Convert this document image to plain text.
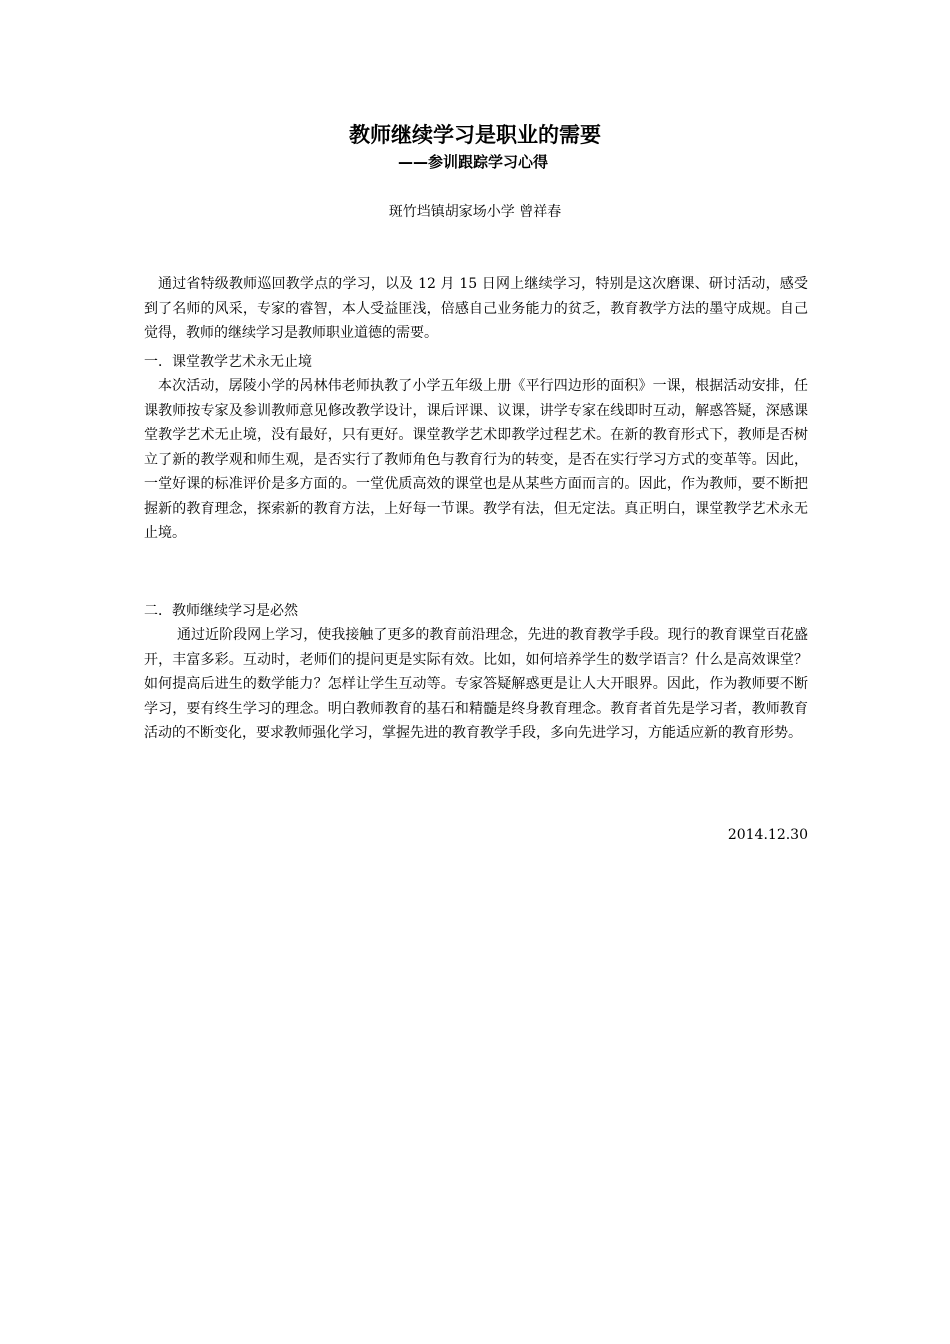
教师继续学习是职业的需要
——参训跟踪学习心得
斑竹垱镇胡家场小学 曾祥春

通过省特级教师巡回教学点的学习，以及 12 月 15 日网上继续学习，特别是这次磨课、研讨活动，感受到了名师的风采，专家的睿智，本人受益匪浅，倍感自己业务能力的贫乏，教育教学方法的墨守成规。自己觉得，教师的继续学习是教师职业道德的需要。

一．课堂教学艺术永无止境

本次活动，孱陵小学的呙林伟老师执教了小学五年级上册《平行四边形的面积》一课，根据活动安排，任课教师按专家及参训教师意见修改教学设计，课后评课、议课，讲学专家在线即时互动，解惑答疑，深感课堂教学艺术无止境，没有最好，只有更好。课堂教学艺术即教学过程艺术。在新的教育形式下，教师是否树立了新的教学观和师生观，是否实行了教师角色与教育行为的转变，是否在实行学习方式的变革等。因此，一堂好课的标准评价是多方面的。一堂优质高效的课堂也是从某些方面而言的。因此，作为教师，要不断把握新的教育理念，探索新的教育方法，上好每一节课。教学有法，但无定法。真正明白，课堂教学艺术永无止境。

二．教师继续学习是必然

通过近阶段网上学习，使我接触了更多的教育前沿理念，先进的教育教学手段。现行的教育课堂百花盛开，丰富多彩。互动时，老师们的提问更是实际有效。比如，如何培养学生的数学语言？什么是高效课堂？如何提高后进生的数学能力？怎样让学生互动等。专家答疑解惑更是让人大开眼界。因此，作为教师要不断学习，要有终生学习的理念。明白教师教育的基石和精髓是终身教育理念。教育者首先是学习者，教师教育活动的不断变化，要求教师强化学习，掌握先进的教育教学手段，多向先进学习，方能适应新的教育形势。

2014.12.30
